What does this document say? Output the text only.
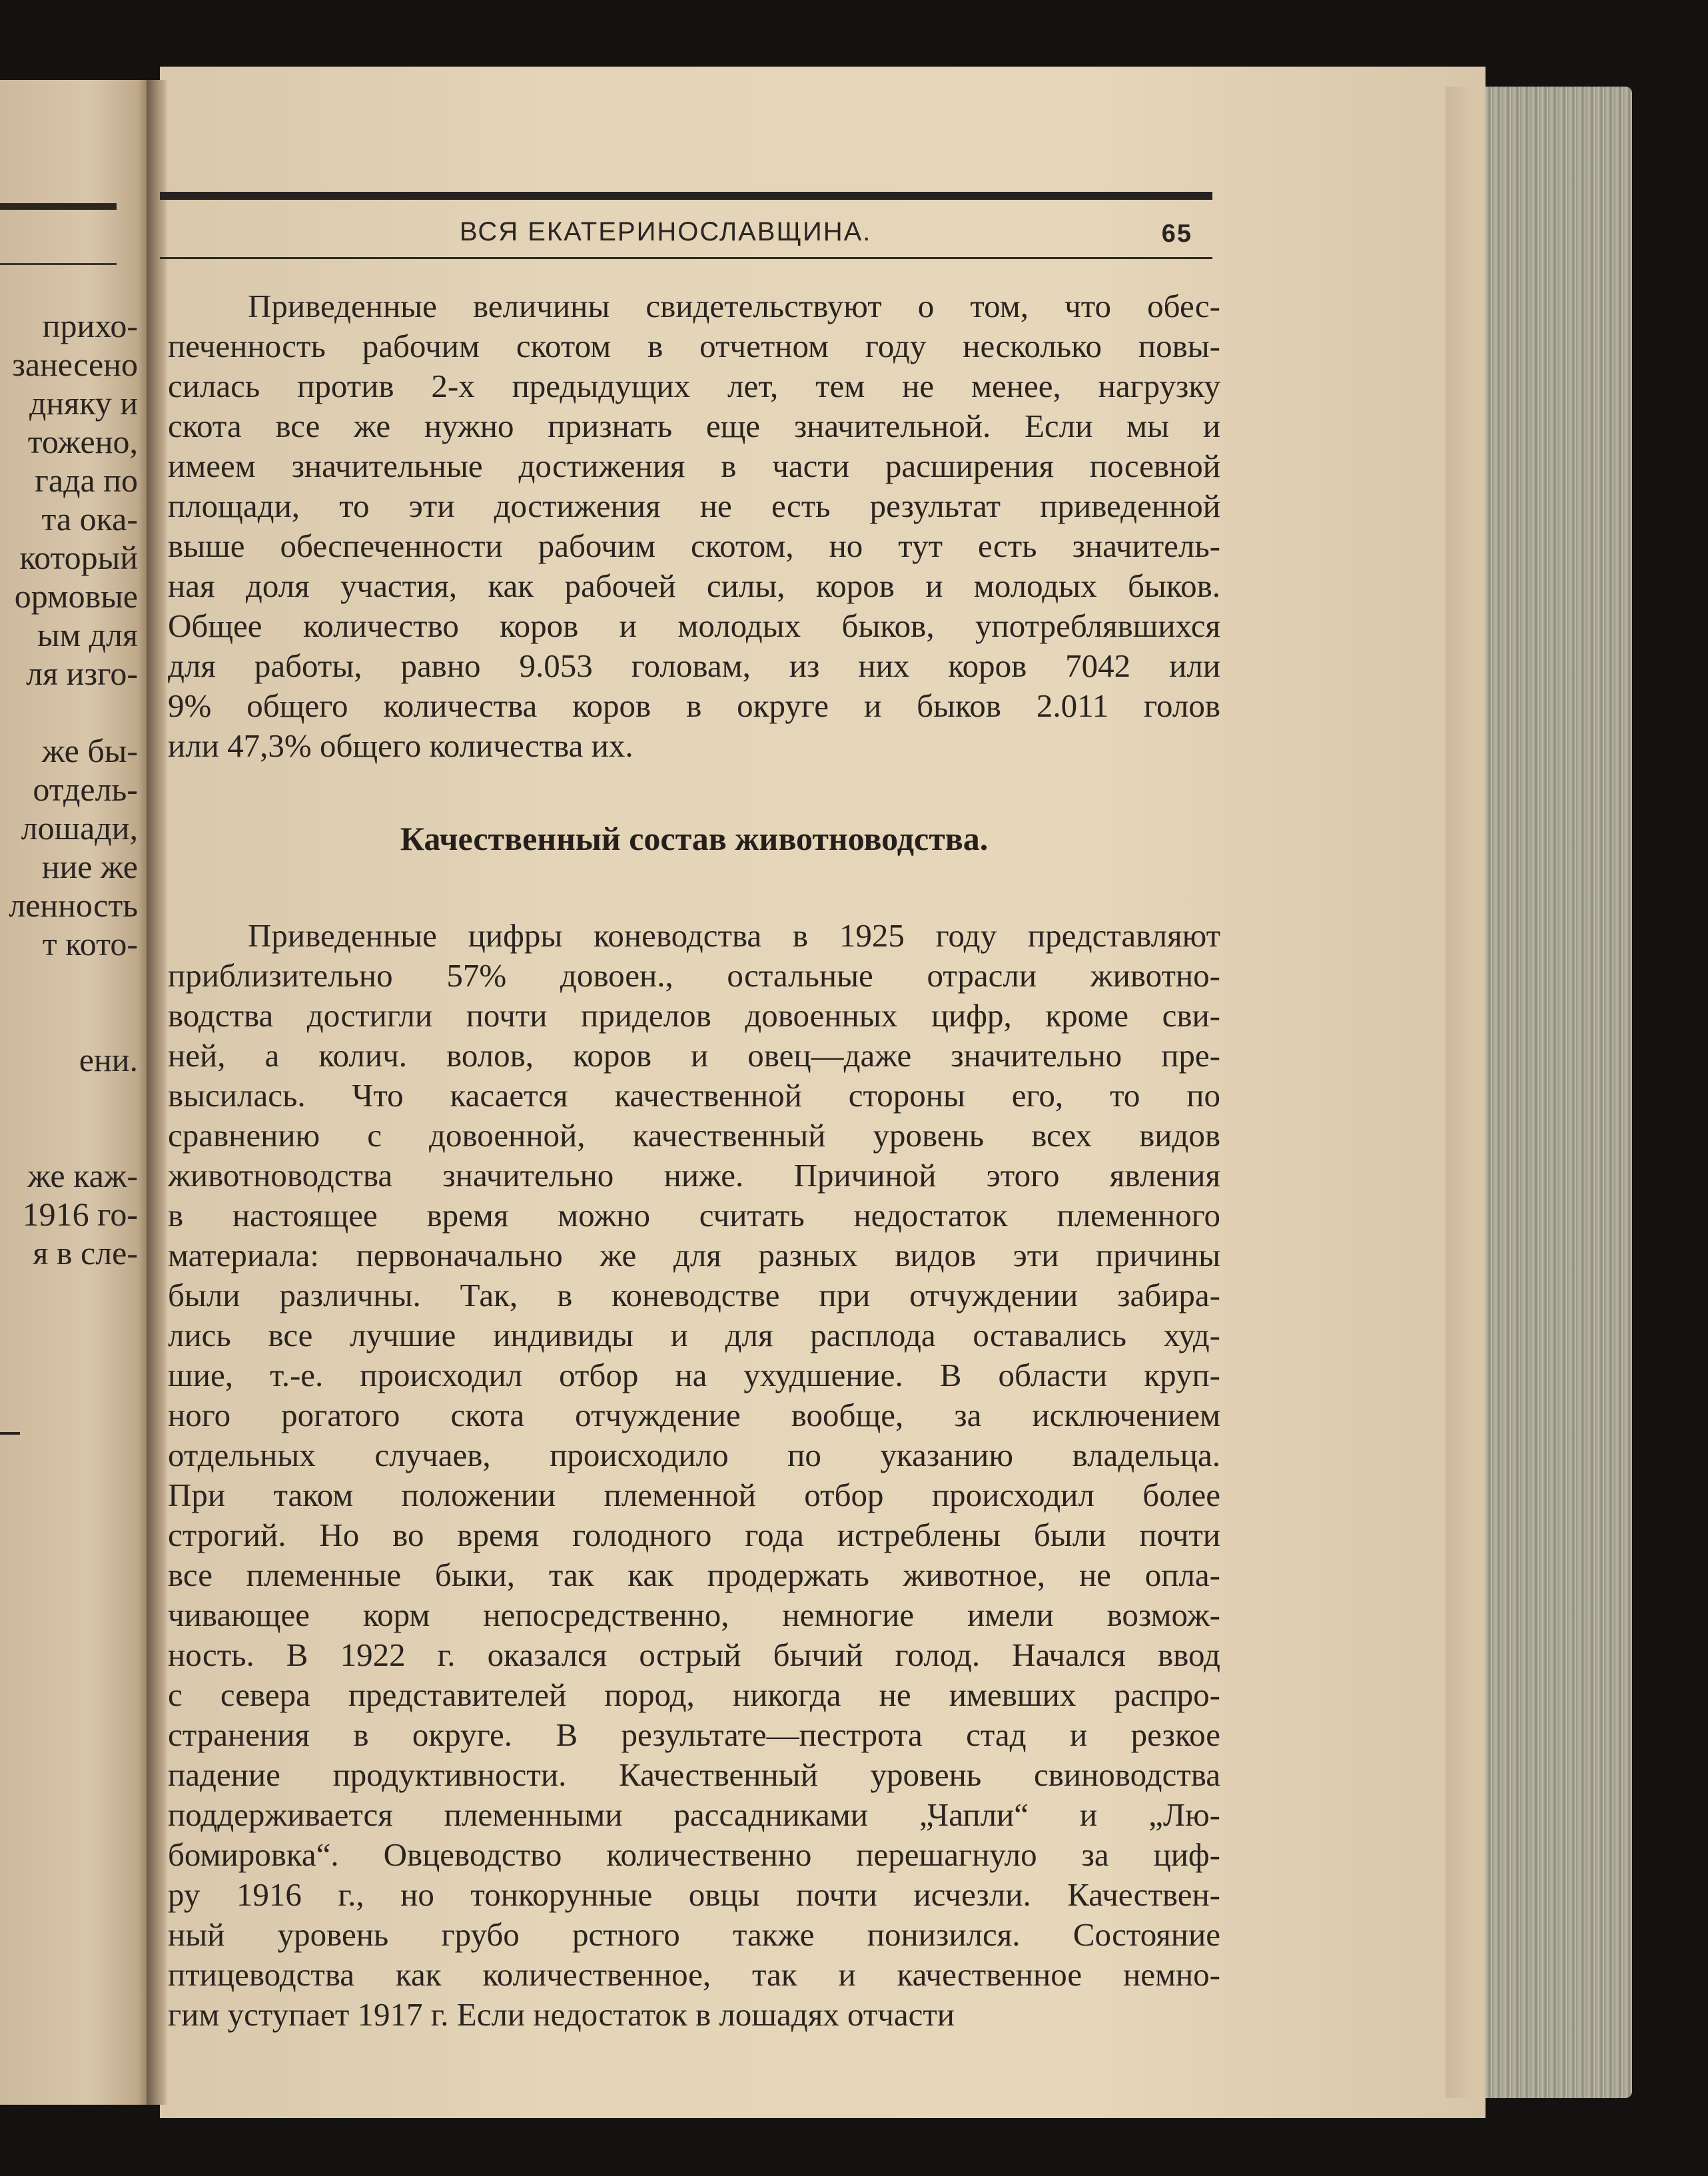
прихо-
занесено
дняку и
тожено,
гада по
та ока-
который
ормовые
ым для
ля изго-
же бы-
отдель-
лошади,
ние же
ленность
т кото-
ени.
же каж-
1916 го-
я в сле-
ВСЯ ЕКАТЕРИНОСЛАВЩИНА.	65
Приведенные величины свидетельствуют о том, что обес-
печенность рабочим скотом в отчетном году несколько повы-
силась против 2-х предыдущих лет, тем не менее, нагрузку
скота все же нужно признать еще значительной. Если мы и
имеем значительные достижения в части расширения посевной
площади, то эти достижения не есть результат приведенной
выше обеспеченности рабочим скотом, но тут есть значитель-
ная доля участия, как рабочей силы, коров и молодых быков.
Общее количество коров и молодых быков, употреблявшихся
для работы, равно 9.053 головам, из них коров 7042 или
9% общего количества коров в округе и быков 2.011 голов
или 47,3% общего количества их.
Качественный состав животноводства.
Приведенные цифры коневодства в 1925 году представляют
приблизительно 57% довоен., остальные отрасли животно-
водства достигли почти приделов довоенных цифр, кроме сви-
ней, а колич. волов, коров и овец—даже значительно пре-
высилась. Что касается качественной стороны его, то по
сравнению с довоенной, качественный уровень всех видов
животноводства значительно ниже. Причиной этого явления
в настоящее время можно считать недостаток племенного
материала: первоначально же для разных видов эти причины
были различны. Так, в коневодстве при отчуждении забира-
лись все лучшие индивиды и для расплода оставались худ-
шие, т.-е. происходил отбор на ухудшение. В области круп-
ного рогатого скота отчуждение вообще, за исключением
отдельных случаев, происходило по указанию владельца.
При таком положении племенной отбор происходил более
строгий. Но во время голодного года истреблены были почти
все племенные быки, так как продержать животное, не опла-
чивающее корм непосредственно, немногие имели возмож-
ность. В 1922 г. оказался острый бычий голод. Начался ввод
с севера представителей пород, никогда не имевших распро-
странения в округе. В результате—пестрота стад и резкое
падение продуктивности. Качественный уровень свиноводства
поддерживается племенными рассадниками „Чапли“ и „Лю-
бомировка“. Овцеводство количественно перешагнуло за циф-
ру 1916 г., но тонкорунные овцы почти исчезли. Качествен-
ный уровень грубо рстного также понизился. Состояние
птицеводства как количественное, так и качественное немно-
гим уступает 1917 г. Если недостаток в лошадях отчасти
